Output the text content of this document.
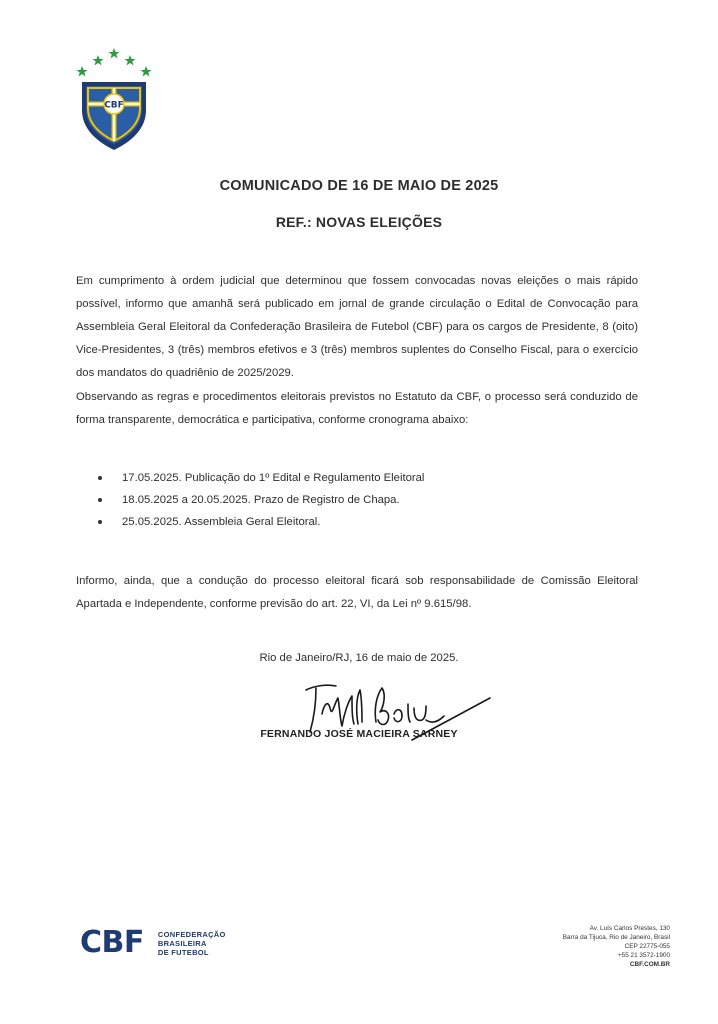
CBF
COMUNICADO DE 16 DE MAIO DE 2025
REF.: NOVAS ELEIÇÕES

Em cumprimento à ordem judicial que determinou que fossem convocadas novas eleições o mais rápido possível, informo que amanhã será publicado em jornal de grande circulação o Edital de Convocação para Assembleia Geral Eleitoral da Confederação Brasileira de Futebol (CBF) para os cargos de Presidente, 8 (oito) Vice-Presidentes, 3 (três) membros efetivos e 3 (três) membros suplentes do Conselho Fiscal, para o exercício dos mandatos do quadriênio de 2025/2029.

Observando as regras e procedimentos eleitorais previstos no Estatuto da CBF, o processo será conduzido de forma transparente, democrática e participativa, conforme cronograma abaixo:

17.05.2025. Publicação do 1º Edital e Regulamento Eleitoral
18.05.2025 a 20.05.2025. Prazo de Registro de Chapa.
25.05.2025. Assembleia Geral Eleitoral.

Informo, ainda, que a condução do processo eleitoral ficará sob responsabilidade de Comissão Eleitoral Apartada e Independente, conforme previsão do art. 22, VI, da Lei nº 9.615/98.

Rio de Janeiro/RJ, 16 de maio de 2025.
FERNANDO JOSÉ MACIEIRA SARNEY
CBF CONFEDERAÇÃO
BRASILEIRA
DE FUTEBOL
Av. Luís Carlos Prestes, 130
Barra da Tijuca, Rio de Janeiro, Brasil
CEP 22775-055
+55 21 3572-1900
CBF.COM.BR
